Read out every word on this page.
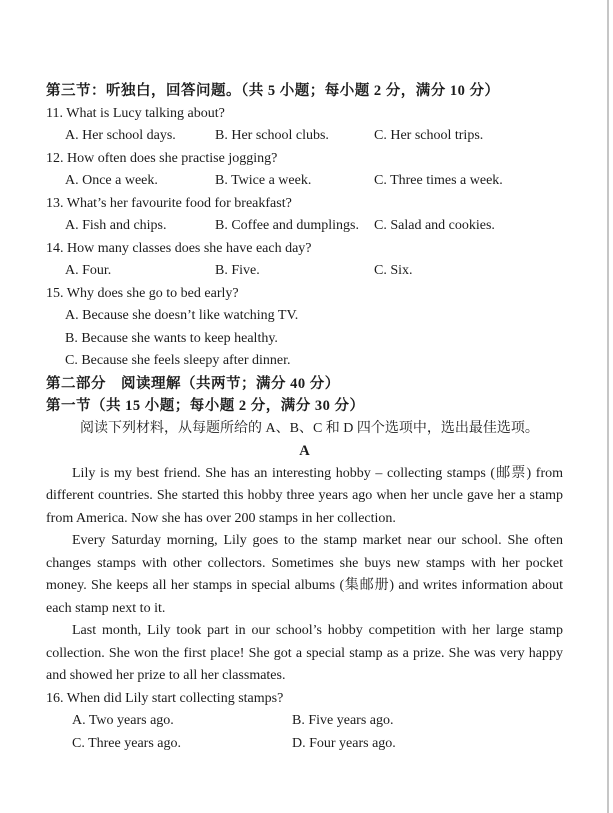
第三节：听独白，回答问题。（共 5 小题；每小题 2 分，满分 10 分）
11. What is Lucy talking about?
A. Her school days.	B. Her school clubs.	C. Her school trips.
12. How often does she practise jogging?
A. Once a week.	B. Twice a week.	C. Three times a week.
13. What’s her favourite food for breakfast?
A. Fish and chips.	B. Coffee and dumplings.	C. Salad and cookies.
14. How many classes does she have each day?
A. Four.	B. Five.	C. Six.
15. Why does she go to bed early?
A. Because she doesn’t like watching TV.
B. Because she wants to keep healthy.
C. Because she feels sleepy after dinner.
第二部分　阅读理解（共两节；满分 40 分）
第一节（共 15 小题；每小题 2 分，满分 30 分）
阅读下列材料，从每题所给的 A、B、C 和 D 四个选项中，选出最佳选项。
A

Lily is my best friend. She has an interesting hobby – collecting stamps (邮票) from different countries. She started this hobby three years ago when her uncle gave her a stamp from America. Now she has over 200 stamps in her collection.

Every Saturday morning, Lily goes to the stamp market near our school. She often changes stamps with other collectors. Sometimes she buys new stamps with her pocket money. She keeps all her stamps in special albums (集邮册) and writes information about each stamp next to it.

Last month, Lily took part in our school’s hobby competition with her large stamp collection. She won the first place! She got a special stamp as a prize. She was very happy and showed her prize to all her classmates.

16. When did Lily start collecting stamps?
A. Two years ago.	B. Five years ago.
C. Three years ago.	D. Four years ago.
